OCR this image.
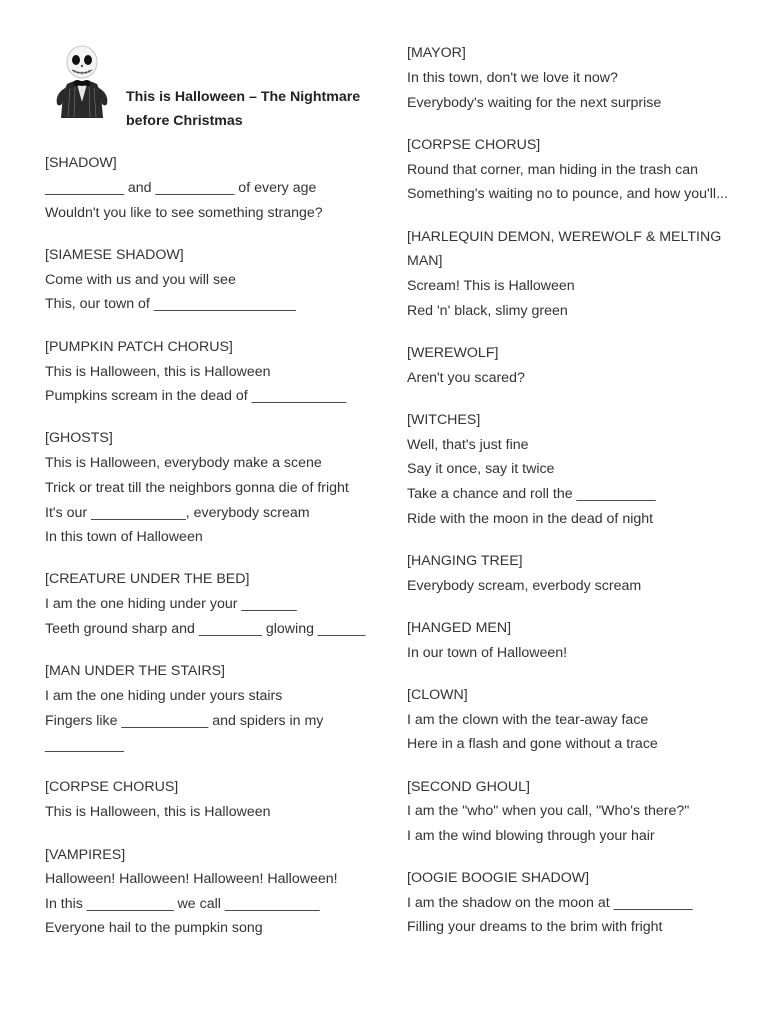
This is Halloween – The Nightmare
before Christmas
[SHADOW]
__________ and __________ of every age
Wouldn't you like to see something strange?
[SIAMESE SHADOW]
Come with us and you will see
This, our town of __________________
[PUMPKIN PATCH CHORUS]
This is Halloween, this is Halloween
Pumpkins scream in the dead of ____________
[GHOSTS]
This is Halloween, everybody make a scene
Trick or treat till the neighbors gonna die of fright
It's our ____________, everybody scream
In this town of Halloween
[CREATURE UNDER THE BED]
I am the one hiding under your _______
Teeth ground sharp and ________ glowing ______
[MAN UNDER THE STAIRS]
I am the one hiding under yours stairs
Fingers like ___________ and spiders in my
__________
[CORPSE CHORUS]
This is Halloween, this is Halloween
[VAMPIRES]
Halloween! Halloween! Halloween! Halloween!
In this ___________ we call ____________
Everyone hail to the pumpkin song
[MAYOR]
In this town, don't we love it now?
Everybody's waiting for the next surprise
[CORPSE CHORUS]
Round that corner, man hiding in the trash can
Something's waiting no to pounce, and how you'll...
[HARLEQUIN DEMON, WEREWOLF & MELTING
MAN]
Scream! This is Halloween
Red 'n' black, slimy green
[WEREWOLF]
Aren't you scared?
[WITCHES]
Well, that's just fine
Say it once, say it twice
Take a chance and roll the __________
Ride with the moon in the dead of night
[HANGING TREE]
Everybody scream, everbody scream
[HANGED MEN]
In our town of Halloween!
[CLOWN]
I am the clown with the tear-away face
Here in a flash and gone without a trace
[SECOND GHOUL]
I am the "who" when you call, "Who's there?"
I am the wind blowing through your hair
[OOGIE BOOGIE SHADOW]
I am the shadow on the moon at __________
Filling your dreams to the brim with fright
